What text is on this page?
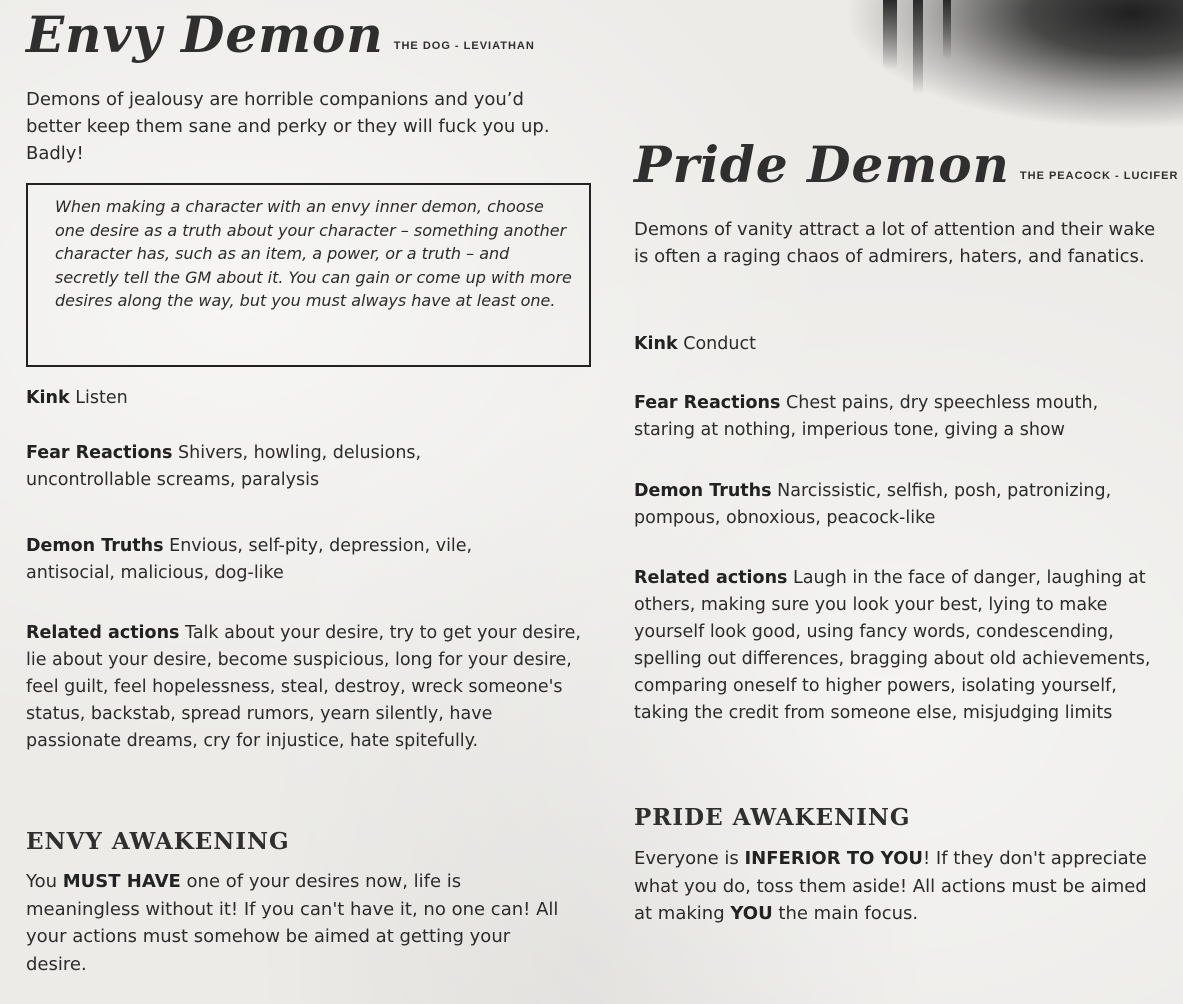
Envy Demon THE DOG - LEVIATHAN

Demons of jealousy are horrible companions and you’d better keep them sane and perky or they will fuck you up. Badly!

When making a character with an envy inner demon, choose one desire as a truth about your character – something another character has, such as an item, a power, or a truth – and secretly tell the GM about it. You can gain or come up with more desires along the way, but you must always have at least one.

Kink Listen

Fear Reactions Shivers, howling, delusions, uncontrollable screams, paralysis

Demon Truths Envious, self-pity, depression, vile, antisocial, malicious, dog-like

Related actions Talk about your desire, try to get your desire, lie about your desire, become suspicious, long for your desire, feel guilt, feel hopelessness, steal, destroy, wreck someone's status, backstab, spread rumors, yearn silently, have passionate dreams, cry for injustice, hate spitefully.

ENVY AWAKENING

You MUST HAVE one of your desires now, life is meaningless without it! If you can't have it, no one can! All your actions must somehow be aimed at getting your desire.

Pride Demon THE PEACOCK - LUCIFER

Demons of vanity attract a lot of attention and their wake is often a raging chaos of admirers, haters, and fanatics.

Kink Conduct

Fear Reactions Chest pains, dry speechless mouth, staring at nothing, imperious tone, giving a show

Demon Truths Narcissistic, selfish, posh, patronizing, pompous, obnoxious, peacock-like

Related actions Laugh in the face of danger, laughing at others, making sure you look your best, lying to make yourself look good, using fancy words, condescending, spelling out differences, bragging about old achievements, comparing oneself to higher powers, isolating yourself, taking the credit from someone else, misjudging limits

PRIDE AWAKENING

Everyone is INFERIOR TO YOU! If they don't appreciate what you do, toss them aside! All actions must be aimed at making YOU the main focus.
